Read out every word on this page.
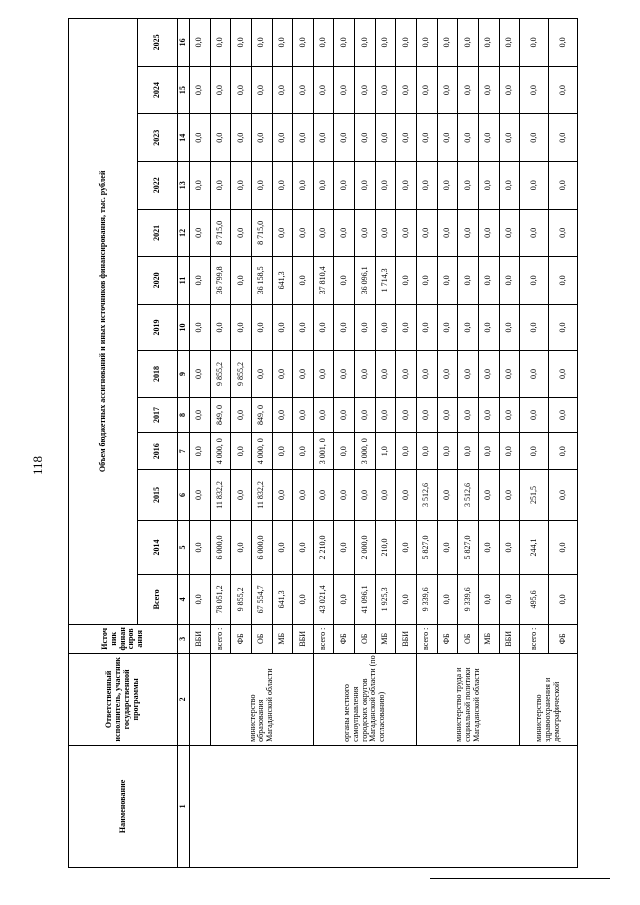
118
Наименование	Ответственный исполнитель, участник государственной программы	Источ ник финан сиров ания	Объем бюджетных ассигнований и иных источников финансирования, тыс. рублей												
			Всего	2014	2015	2016	2017	2018	2019	2020	2021	2022	2023	2024	2025
1	2	3	4	5	6	7	8	9	10	11	12	13	14	15	16
		ВБИ	0,0	0,0	0,0	0,0	0,0	0,0	0,0	0,0	0,0	0,0	0,0	0,0	0,0
	министерство образования Магаданской области	всего :	78 051,2	6 000,0	11 832,2	4 000, 0	849, 0	9 855,2	0,0	36 799,8	8 715,0	0,0	0,0	0,0	0,0
		ФБ	9 855,2	0,0	0,0	0,0	0,0	9 855,2	0,0	0,0	0,0	0,0	0,0	0,0	0,0
		ОБ	67 554,7	6 000,0	11 832,2	4 000, 0	849, 0	0,0	0,0	36 158,5	8 715,0	0,0	0,0	0,0	0,0
		МБ	641,3	0,0	0,0	0,0	0,0	0,0	0,0	641,3	0,0	0,0	0,0	0,0	0,0
		ВБИ	0,0	0,0	0,0	0,0	0,0	0,0	0,0	0,0	0,0	0,0	0,0	0,0	0,0
	органы местного самоуправления городских округов Магаданской области (по согласованию)	всего :	43 021,4	2 210,0	0,0	3 001, 0	0,0	0,0	0,0	37 810,4	0,0	0,0	0,0	0,0	0,0
		ФБ	0,0	0,0	0,0	0,0	0,0	0,0	0,0	0,0	0,0	0,0	0,0	0,0	0,0
		ОБ	41 096,1	2 000,0	0,0	3 000, 0	0,0	0,0	0,0	36 096,1	0,0	0,0	0,0	0,0	0,0
		МБ	1 925,3	210,0	0,0	1,0	0,0	0,0	0,0	1 714,3	0,0	0,0	0,0	0,0	0,0
		ВБИ	0,0	0,0	0,0	0,0	0,0	0,0	0,0	0,0	0,0	0,0	0,0	0,0	0,0
	министерство труда и социальной политики Магаданской области	всего :	9 339,6	5 827,0	3 512,6	0,0	0,0	0,0	0,0	0,0	0,0	0,0	0,0	0,0	0,0
		ФБ	0,0	0,0	0,0	0,0	0,0	0,0	0,0	0,0	0,0	0,0	0,0	0,0	0,0
		ОБ	9 339,6	5 827,0	3 512,6	0,0	0,0	0,0	0,0	0,0	0,0	0,0	0,0	0,0	0,0
		МБ	0,0	0,0	0,0	0,0	0,0	0,0	0,0	0,0	0,0	0,0	0,0	0,0	0,0
		ВБИ	0,0	0,0	0,0	0,0	0,0	0,0	0,0	0,0	0,0	0,0	0,0	0,0	0,0
	министерство здравоохранения и демографической	всего :	495,6	244,1	251,5	0,0	0,0	0,0	0,0	0,0	0,0	0,0	0,0	0,0	0,0
		ФБ	0,0	0,0	0,0	0,0	0,0	0,0	0,0	0,0	0,0	0,0	0,0	0,0	0,0
